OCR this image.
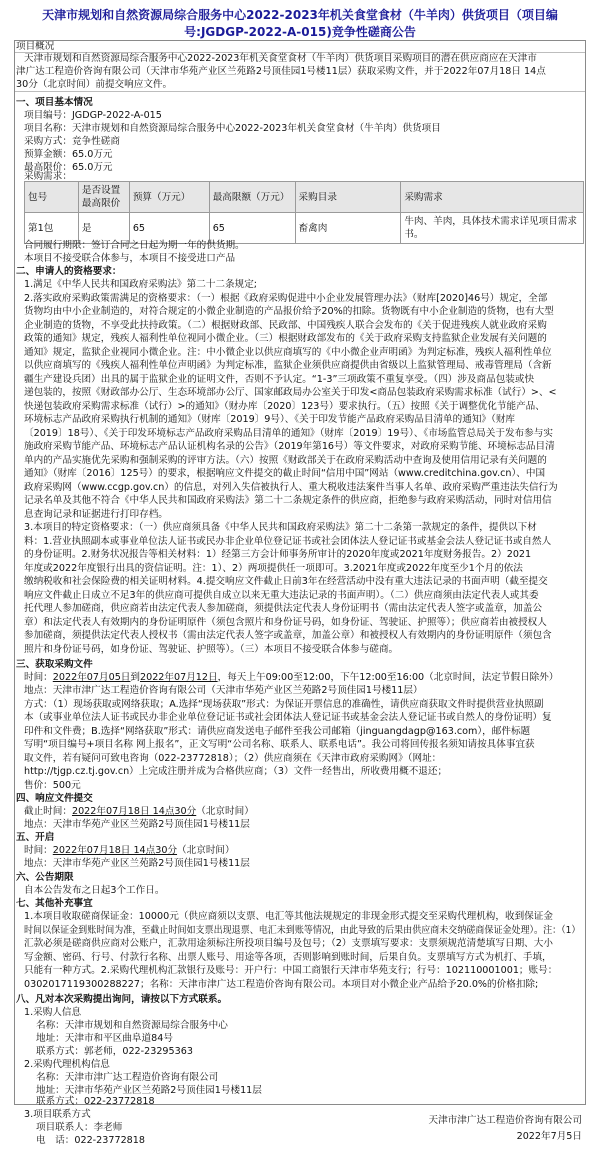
天津市规划和自然资源局综合服务中心2022-2023年机关食堂食材（牛羊肉）供货项目（项目编
号:JGDGP-2022-A-015)竞争性磋商公告
项目概况
天津市规划和自然资源局综合服务中心2022-2023年机关食堂食材（牛羊肉）供货项目采购项目的潜在供应商应在天津市
津广达工程造价咨询有限公司（天津市华苑产业区兰苑路2号顶佳园1号楼11层）获取采购文件，并于2022年07月18日 14点
30分（北京时间）前提交响应文件。
一、项目基本情况
项目编号：JGDGP-2022-A-015
项目名称：天津市规划和自然资源局综合服务中心2022-2023年机关食堂食材（牛羊肉）供货项目
采购方式：竞争性磋商
预算金额：65.0万元
最高限价：65.0万元
采购需求：
包号	是否设置最高限价	预算（万元）	最高限额（万元）	采购目录	采购需求
第1包	是	65	65	畜禽肉	牛肉、羊肉，具体技术需求详见项目需求书。
合同履行期限：签订合同之日起为期一年的供货期。
本项目不接受联合体参与，本项目不接受进口产品
二、申请人的资格要求：
1.满足《中华人民共和国政府采购法》第二十二条规定;
2.落实政府采购政策需满足的资格要求：（一）根据《政府采购促进中小企业发展管理办法》（财库[2020]46号）规定，全部
货物均由中小企业制造的，对符合规定的小微企业制造的产品报价给予20%的扣除。货物既有中小企业制造的货物，也有大型
企业制造的货物，不享受此扶持政策。（二）根据财政部、民政部、中国残疾人联合会发布的《关于促进残疾人就业政府采购
政策的通知》规定，残疾人福利性单位视同小微企业。（三）根据财政部发布的《关于政府采购支持监狱企业发展有关问题的
通知》规定，监狱企业视同小微企业。注：中小微企业以供应商填写的《中小微企业声明函》为判定标准，残疾人福利性单位
以供应商填写的《残疾人福利性单位声明函》为判定标准，监狱企业须供应商提供由省级以上监狱管理局、戒毒管理局（含新
疆生产建设兵团）出具的属于监狱企业的证明文件，否则不予认定。“1-3”三项政策不重复享受。（四）涉及商品包装或快
递包装的，按照《财政部办公厅、生态环境部办公厅、国家邮政局办公室关于印发<商品包装政府采购需求标准（试行）>、<
快递包装政府采购需求标准（试行）>的通知》（财办库〔2020〕123号）要求执行。（五）按照《关于调整优化节能产品、
环境标志产品政府采购执行机制的通知》（财库〔2019〕9号）、《关于印发节能产品政府采购品目清单的通知》（财库
〔2019〕18号）、《关于印发环境标志产品政府采购品目清单的通知》（财库〔2019〕19号）、《市场监管总局关于发布参与实
施政府采购节能产品、环境标志产品认证机构名录的公告》（2019年第16号）等文件要求，对政府采购节能、环境标志品目清
单内的产品实施优先采购和强制采购的评审方法。（六）按照《财政部关于在政府采购活动中查询及使用信用记录有关问题的
通知》（财库〔2016〕125号）的要求，根据响应文件提交的截止时间“信用中国”网站（www.creditchina.gov.cn）、中国
政府采购网（www.ccgp.gov.cn）的信息，对列入失信被执行人、重大税收违法案件当事人名单、政府采购严重违法失信行为
记录名单及其他不符合《中华人民共和国政府采购法》第二十二条规定条件的供应商，拒绝参与政府采购活动，同时对信用信
息查询记录和证据进行打印存档。
3.本项目的特定资格要求：（一）供应商须具备《中华人民共和国政府采购法》第二十二条第一款规定的条件，提供以下材
料：1.营业执照副本或事业单位法人证书或民办非企业单位登记证书或社会团体法人登记证书或基金会法人登记证书或自然人
的身份证明。2.财务状况报告等相关材料：1）经第三方会计师事务所审计的2020年度或2021年度财务报告。2）2021
年度或2022年度银行出具的资信证明。注：1）、2）两项提供任一项即可。3.2021年度或2022年度至少1个月的依法
缴纳税收和社会保险费的相关证明材料。4.提交响应文件截止日前3年在经营活动中没有重大违法记录的书面声明（截至提交
响应文件截止日成立不足3年的供应商可提供自成立以来无重大违法记录的书面声明）。（二）供应商须由法定代表人或其委
托代理人参加磋商，供应商若由法定代表人参加磋商，须提供法定代表人身份证明书（需由法定代表人签字或盖章，加盖公
章）和法定代表人有效期内的身份证明原件（须包含照片和身份证号码，如身份证、驾驶证、护照等）；供应商若由被授权人
参加磋商，须提供法定代表人授权书（需由法定代表人签字或盖章，加盖公章）和被授权人有效期内的身份证明原件（须包含
照片和身份证号码，如身份证、驾驶证、护照等）。（三）本项目不接受联合体参与磋商。
三、获取采购文件
时间：2022年07月05日到2022年07月12日，每天上午09:00至12:00，下午12:00至16:00（北京时间，法定节假日除外）
地点：天津市津广达工程造价咨询有限公司（天津市华苑产业区兰苑路2号顶佳园1号楼11层）
方式：（1）现场获取或网络获取；A.选择“现场获取”形式：为保证开票信息的准确性，请供应商获取文件时提供营业执照副
本（或事业单位法人证书或民办非企业单位登记证书或社会团体法人登记证书或基金会法人登记证书或自然人的身份证明）复
印件和文件费；B.选择“网络获取”形式：请供应商发送电子邮件至我公司邮箱（jinguangdagp@163.com），邮件标题
写明“项目编号+项目名称 网上报名”，正文写明“公司名称、联系人、联系电话”。我公司将回传报名须知请按具体事宜获
取文件，若有疑问可致电咨询（022-23772818）；（2）供应商须在《天津市政府采购网》（网址：
http://tjgp.cz.tj.gov.cn）上完成注册并成为合格供应商；（3）文件一经售出，所收费用概不退还；
售价：500元
四、响应文件提交
截止时间：2022年07月18日 14点30分（北京时间）
地点：天津市华苑产业区兰苑路2号顶佳园1号楼11层
五、开启
时间：2022年07月18日 14点30分（北京时间）
地点：天津市华苑产业区兰苑路2号顶佳园1号楼11层
六、公告期限
自本公告发布之日起3个工作日。
七、其他补充事宜
1.本项目收取磋商保证金：10000元（供应商须以支票、电汇等其他法规规定的非现金形式提交至采购代理机构，收到保证金
时间以保证金到账时间为准，至截止时间如支票出现退票、电汇未到账等情况，由此导致的后果由供应商未交纳磋商保证金处理）。注：（1）
汇款必须是磋商供应商对公账户，汇款用途须标注所投项目编号及包号；（2）支票填写要求：支票须规范清楚填写日期、大小
写金额、密码、行号、付款行名称、出票人账号、用途等各项，否则影响到账时间，后果自负。支票填写方式为机打、手填，
只能有一种方式。2.采购代理机构汇款银行及账号：开户行：中国工商银行天津市华苑支行；行号：102110001001；账号：
0302017119300288227；名称：天津市津广达工程造价咨询有限公司。本项目对小微企业产品给予20.0%的价格扣除;
八、凡对本次采购提出询问，请按以下方式联系。
1.采购人信息
名称：天津市规划和自然资源局综合服务中心
地址：天津市和平区曲阜道84号
联系方式：郭老师，022-23295363
2.采购代理机构信息
名称：天津市津广达工程造价咨询有限公司
地址：天津市华苑产业区兰苑路2号顶佳园1号楼11层
联系方式：022-23772818
3.项目联系方式
项目联系人：李老师
电　话：022-23772818
天津市津广达工程造价咨询有限公司
2022年7月5日
